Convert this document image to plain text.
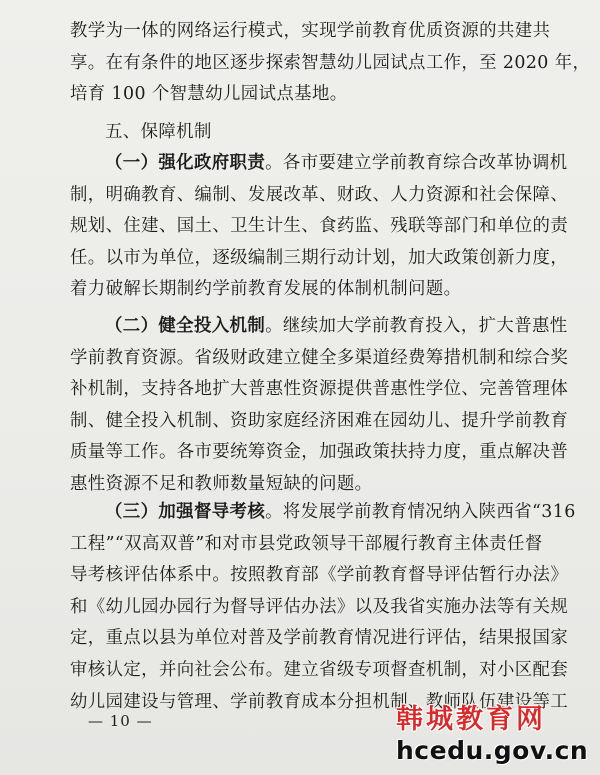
教学为一体的网络运行模式，实现学前教育优质资源的共建共
享。在有条件的地区逐步探索智慧幼儿园试点工作，至 2020 年，
培育 100 个智慧幼儿园试点基地。
五、保障机制
（一）强化政府职责。各市要建立学前教育综合改革协调机
制，明确教育、编制、发展改革、财政、人力资源和社会保障、
规划、住建、国土、卫生计生、食药监、残联等部门和单位的责
任。以市为单位，逐级编制三期行动计划，加大政策创新力度，
着力破解长期制约学前教育发展的体制机制问题。
（二）健全投入机制。继续加大学前教育投入，扩大普惠性
学前教育资源。省级财政建立健全多渠道经费筹措机制和综合奖
补机制，支持各地扩大普惠性资源提供普惠性学位、完善管理体
制、健全投入机制、资助家庭经济困难在园幼儿、提升学前教育
质量等工作。各市要统筹资金，加强政策扶持力度，重点解决普
惠性资源不足和教师数量短缺的问题。
（三）加强督导考核。将发展学前教育情况纳入陕西省“316
工程”“双高双普”和对市县党政领导干部履行教育主体责任督
导考核评估体系中。按照教育部《学前教育督导评估暂行办法》
和《幼儿园办园行为督导评估办法》以及我省实施办法等有关规
定，重点以县为单位对普及学前教育情况进行评估，结果报国家
审核认定，并向社会公布。建立省级专项督查机制，对小区配套
幼儿园建设与管理、学前教育成本分担机制、教师队伍建设等工
— 10 —	韩城教育网
hcedu.gov.cn
